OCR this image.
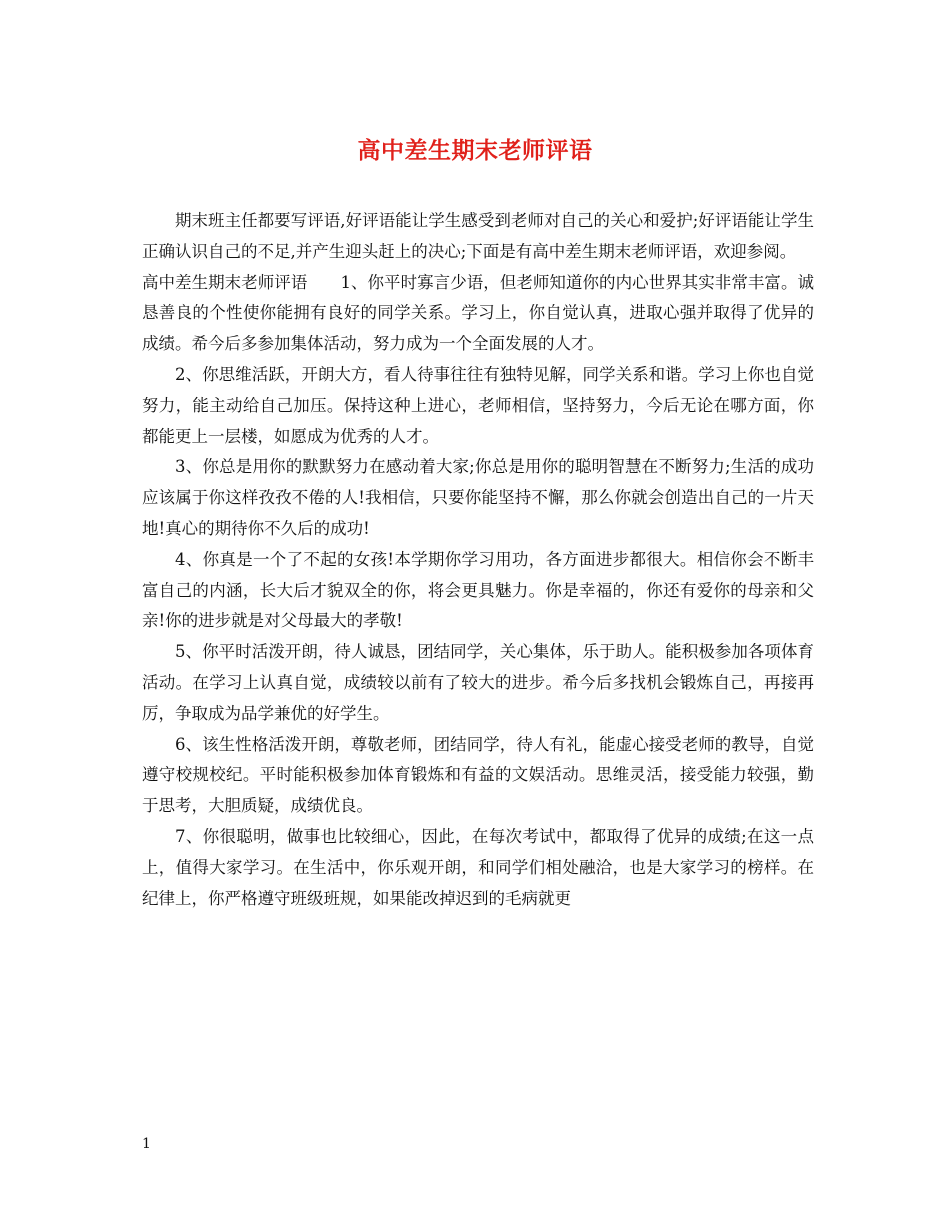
高中差生期末老师评语

期末班主任都要写评语,好评语能让学生感受到老师对自己的关心和爱护;好评语能让学生正确认识自己的不足,并产生迎头赶上的决心;下面是有高中差生期末老师评语，欢迎参阅。

高中差生期末老师评语　　1、你平时寡言少语，但老师知道你的内心世界其实非常丰富。诚恳善良的个性使你能拥有良好的同学关系。学习上，你自觉认真，进取心强并取得了优异的成绩。希今后多参加集体活动，努力成为一个全面发展的人才。

2、你思维活跃，开朗大方，看人待事往往有独特见解，同学关系和谐。学习上你也自觉努力，能主动给自己加压。保持这种上进心，老师相信，坚持努力，今后无论在哪方面，你都能更上一层楼，如愿成为优秀的人才。

3、你总是用你的默默努力在感动着大家;你总是用你的聪明智慧在不断努力;生活的成功应该属于你这样孜孜不倦的人!我相信，只要你能坚持不懈，那么你就会创造出自己的一片天地!真心的期待你不久后的成功!

4、你真是一个了不起的女孩!本学期你学习用功，各方面进步都很大。相信你会不断丰富自己的内涵，长大后才貌双全的你，将会更具魅力。你是幸福的，你还有爱你的母亲和父亲!你的进步就是对父母最大的孝敬!

5、你平时活泼开朗，待人诚恳，团结同学，关心集体，乐于助人。能积极参加各项体育活动。在学习上认真自觉，成绩较以前有了较大的进步。希今后多找机会锻炼自己，再接再厉，争取成为品学兼优的好学生。

6、该生性格活泼开朗，尊敬老师，团结同学，待人有礼，能虚心接受老师的教导，自觉遵守校规校纪。平时能积极参加体育锻炼和有益的文娱活动。思维灵活，接受能力较强，勤于思考，大胆质疑，成绩优良。

7、你很聪明，做事也比较细心，因此，在每次考试中，都取得了优异的成绩;在这一点上，值得大家学习。在生活中，你乐观开朗，和同学们相处融洽，也是大家学习的榜样。在纪律上，你严格遵守班级班规，如果能改掉迟到的毛病就更

1
